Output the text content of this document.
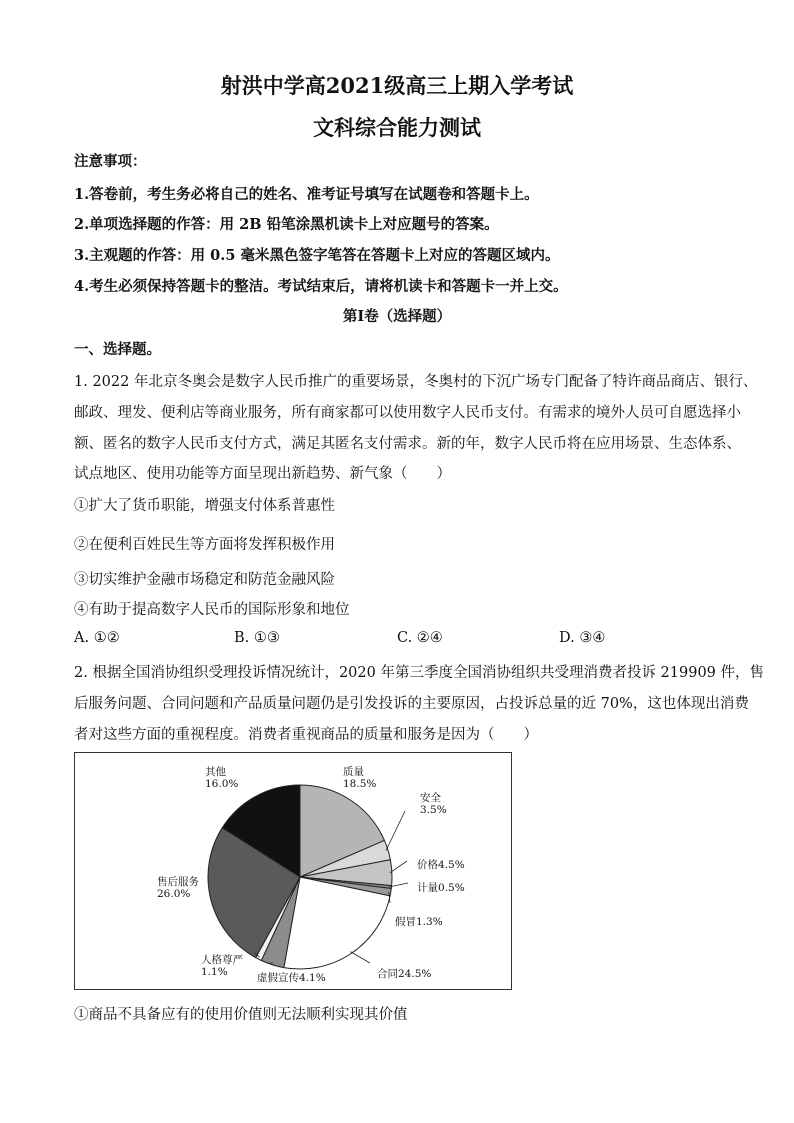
射洪中学高2021级高三上期入学考试
文科综合能力测试
注意事项：
1.答卷前，考生务必将自己的姓名、准考证号填写在试题卷和答题卡上。
2.单项选择题的作答：用 2B 铅笔涂黑机读卡上对应题号的答案。
3.主观题的作答：用 0.5 毫米黑色签字笔答在答题卡上对应的答题区域内。
4.考生必须保持答题卡的整洁。考试结束后，请将机读卡和答题卡一并上交。
第Ⅰ卷（选择题）
一、选择题。
1. 2022 年北京冬奥会是数字人民币推广的重要场景，冬奥村的下沉广场专门配备了特许商品商店、银行、
邮政、理发、便利店等商业服务，所有商家都可以使用数字人民币支付。有需求的境外人员可自愿选择小
额、匿名的数字人民币支付方式，满足其匿名支付需求。新的年，数字人民币将在应用场景、生态体系、
试点地区、使用功能等方面呈现出新趋势、新气象（　　）
①扩大了货币职能，增强支付体系普惠性
②在便利百姓民生等方面将发挥积极作用
③切实维护金融市场稳定和防范金融风险
④有助于提高数字人民币的国际形象和地位
A. ①②	B. ①③	C. ②④	D. ③④
2. 根据全国消协组织受理投诉情况统计，2020 年第三季度全国消协组织共受理消费者投诉 219909 件，售
后服务问题、合同问题和产品质量问题仍是引发投诉的主要原因，占投诉总量的近 70%，这也体现出消费
者对这些方面的重视程度。消费者重视商品的质量和服务是因为（　　）
质量
18.5%
安全
3.5%
价格4.5%
计量0.5%
假冒1.3%
合同24.5%
虚假宣传4.1%
人格尊严
1.1%
售后服务
26.0%
其他
16.0%
①商品不具备应有的使用价值则无法顺利实现其价值
